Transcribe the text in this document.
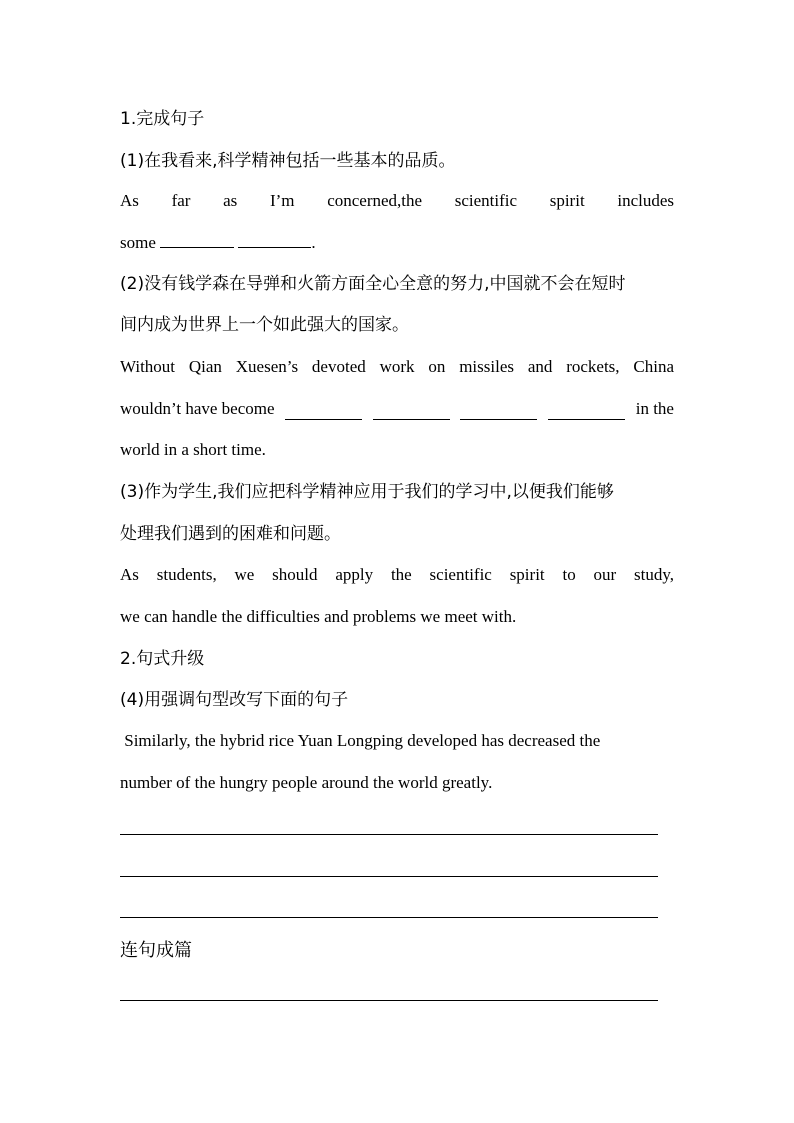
1.完成句子
(1)在我看来,科学精神包括一些基本的品质。
As far as I’m concerned,the scientific spirit includes
some	.
(2)没有钱学森在导弹和火箭方面全心全意的努力,中国就不会在短时
间内成为世界上一个如此强大的国家。
Without Qian Xuesen’s devoted work on missiles and rockets, China
wouldn’t have become	in the
world in a short time.
(3)作为学生,我们应把科学精神应用于我们的学习中,以便我们能够
处理我们遇到的困难和问题。
As students, we should apply the scientific spirit to our study,
we can handle the difficulties and problems we meet with.
2.句式升级
(4)用强调句型改写下面的句子
Similarly, the hybrid rice Yuan Longping developed has decreased the
number of the hungry people around the world greatly.
连句成篇
